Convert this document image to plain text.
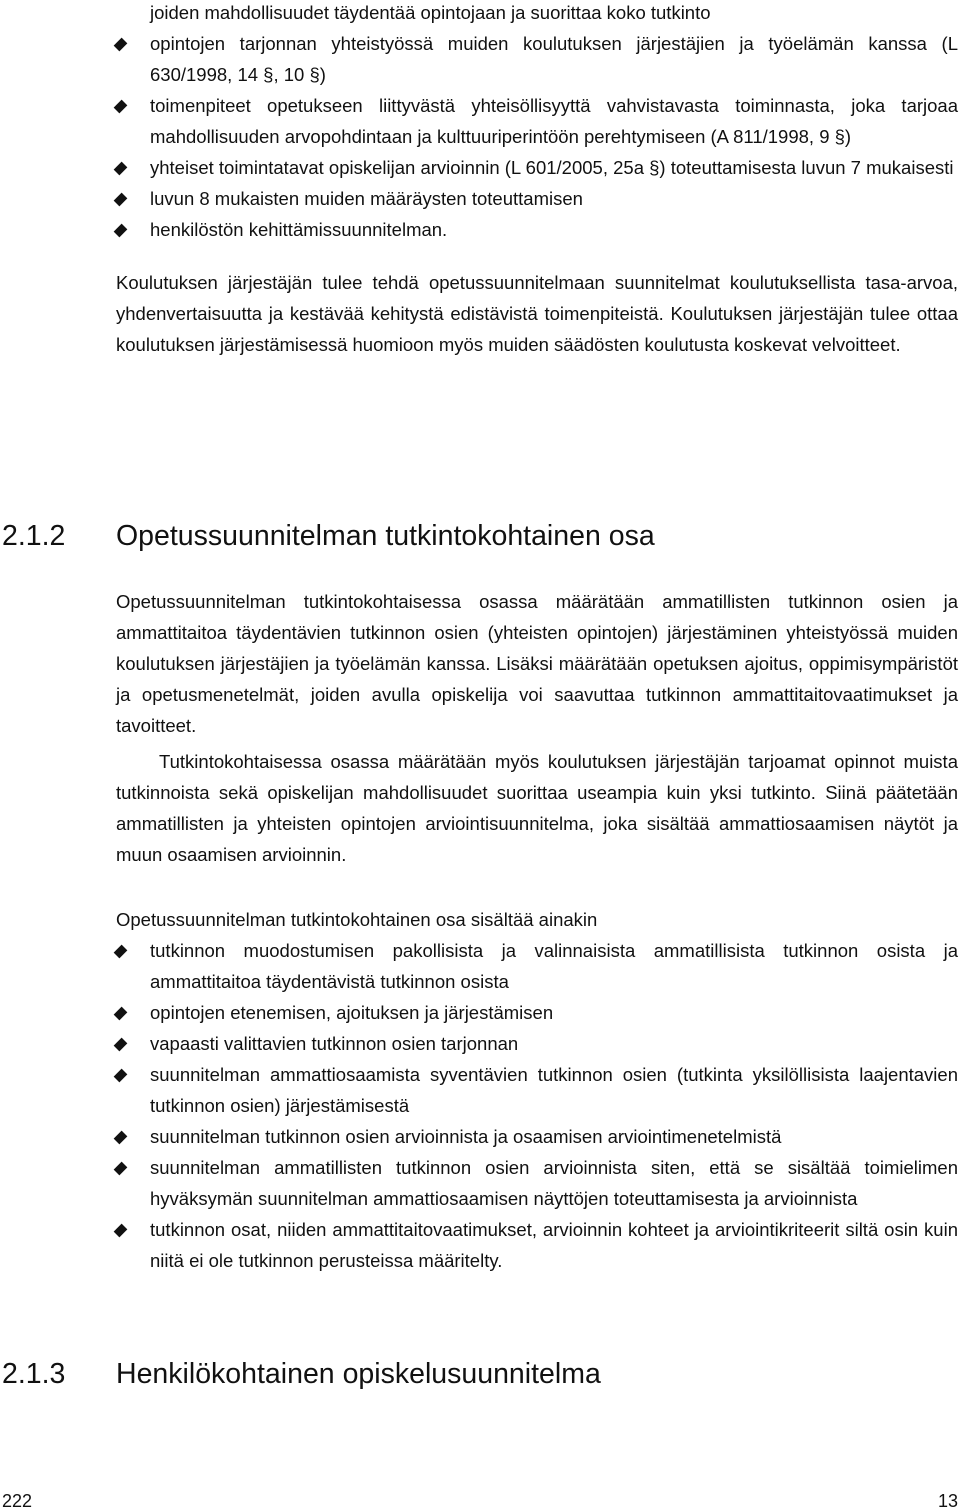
joiden mahdollisuudet täydentää opintojaan ja suorittaa koko tutkinto
opintojen tarjonnan yhteistyössä muiden koulutuksen järjestäjien ja työelämän kanssa (L 630/1998, 14 §, 10 §)
toimenpiteet opetukseen liittyvästä yhteisöllisyyttä vahvistavasta toiminnasta, joka tarjoaa mahdollisuuden arvopohdintaan ja kulttuuriperintöön perehtymiseen (A 811/1998, 9 §)
yhteiset toimintatavat opiskelijan arvioinnin (L 601/2005, 25a §) toteuttamisesta luvun 7 mukaisesti
luvun 8 mukaisten muiden määräysten toteuttamisen
henkilöstön kehittämissuunnitelman.

Koulutuksen järjestäjän tulee tehdä opetussuunnitelmaan suunnitelmat koulutuksellista tasa-arvoa, yhdenvertaisuutta ja kestävää kehitystä edistävistä toimenpiteistä. Koulutuksen järjestäjän tulee ottaa koulutuksen järjestämisessä huomioon myös muiden säädösten koulutusta koskevat velvoitteet.

2.1.2 Opetussuunnitelman tutkintokohtainen osa

Opetussuunnitelman tutkintokohtaisessa osassa määrätään ammatillisten tutkinnon osien ja ammattitaitoa täydentävien tutkinnon osien (yhteisten opintojen) järjestäminen yhteistyössä muiden koulutuksen järjestäjien ja työelämän kanssa. Lisäksi määrätään opetuksen ajoitus, oppimisympäristöt ja opetusmenetelmät, joiden avulla opiskelija voi saavuttaa tutkinnon ammattitaitovaatimukset ja tavoitteet.

Tutkintokohtaisessa osassa määrätään myös koulutuksen järjestäjän tarjoamat opinnot muista tutkinnoista sekä opiskelijan mahdollisuudet suorittaa useampia kuin yksi tutkinto. Siinä päätetään ammatillisten ja yhteisten opintojen arviointisuunnitelma, joka sisältää ammattiosaamisen näytöt ja muun osaamisen arvioinnin.

Opetussuunnitelman tutkintokohtainen osa sisältää ainakin

tutkinnon muodostumisen pakollisista ja valinnaisista ammatillisista tutkinnon osista ja ammattitaitoa täydentävistä tutkinnon osista
opintojen etenemisen, ajoituksen ja järjestämisen
vapaasti valittavien tutkinnon osien tarjonnan
suunnitelman ammattiosaamista syventävien tutkinnon osien (tutkinta yksilöllisista laajentavien tutkinnon osien) järjestämisestä
suunnitelman tutkinnon osien arvioinnista ja osaamisen arviointimenetelmistä
suunnitelman ammatillisten tutkinnon osien arvioinnista siten, että se sisältää toimielimen hyväksymän suunnitelman ammattiosaamisen näyttöjen toteuttamisesta ja arvioinnista
tutkinnon osat, niiden ammattitaitovaatimukset, arvioinnin kohteet ja arviointikriteerit siltä osin kuin niitä ei ole tutkinnon perusteissa määritelty.
2.1.3 Henkilökohtainen opiskelusuunnitelma
222	13
